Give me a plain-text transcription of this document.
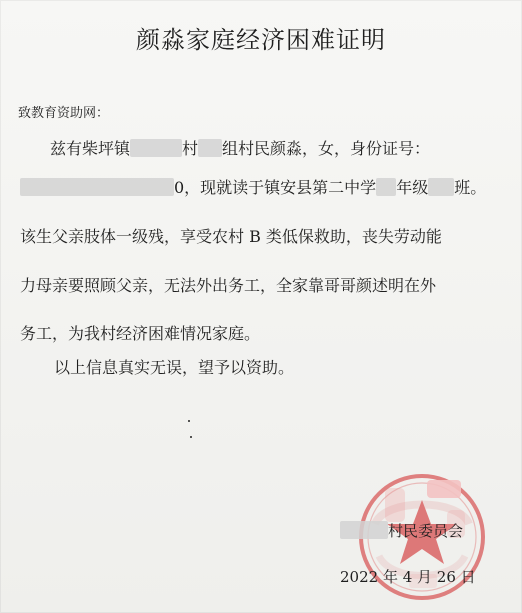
颜淼家庭经济困难证明
致教育资助网：
兹有柴坪镇	村 组村民颜淼，女，身份证号：
0，现就读于镇安县第二中学 年级 班。
该生父亲肢体一级残，享受农村 B 类低保救助，丧失劳动能
力母亲要照顾父亲，无法外出务工，全家靠哥哥颜述明在外
务工，为我村经济困难情况家庭。
以上信息真实无误，望予以资助。
村民委员会
2022 年 4 月 26 日
